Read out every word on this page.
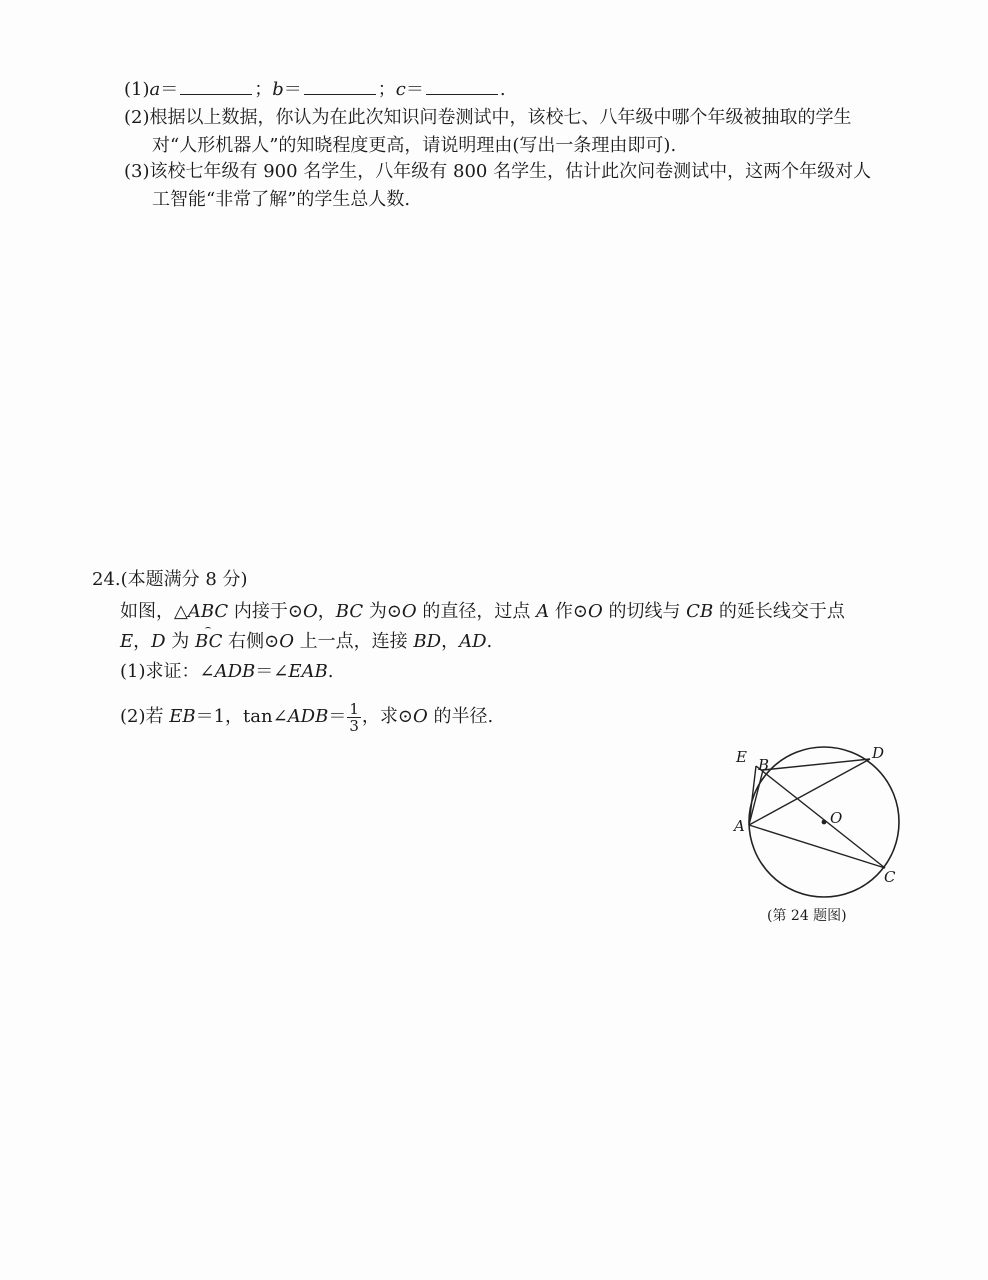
(1)a＝	；b＝	；c＝	.
(2)根据以上数据，你认为在此次知识问卷测试中，该校七、八年级中哪个年级被抽取的学生
对“人形机器人”的知晓程度更高，请说明理由(写出一条理由即可).
(3)该校七年级有 900 名学生，八年级有 800 名学生，估计此次问卷测试中，这两个年级对人
工智能“非常了解”的学生总人数.
24.(本题满分 8 分)
如图，△ABC 内接于⊙O，BC 为⊙O 的直径，过点 A 作⊙O 的切线与 CB 的延长线交于点
E，D 为 BC 右侧⊙O 上一点，连接 BD，AD.
(1)求证：∠ADB＝∠EAB.
(2)若 EB＝1，tan∠ADB＝ $\frac{1}{3}$ ，求⊙O 的半径.
E B
D
A	O
C
(第 24 题图)
